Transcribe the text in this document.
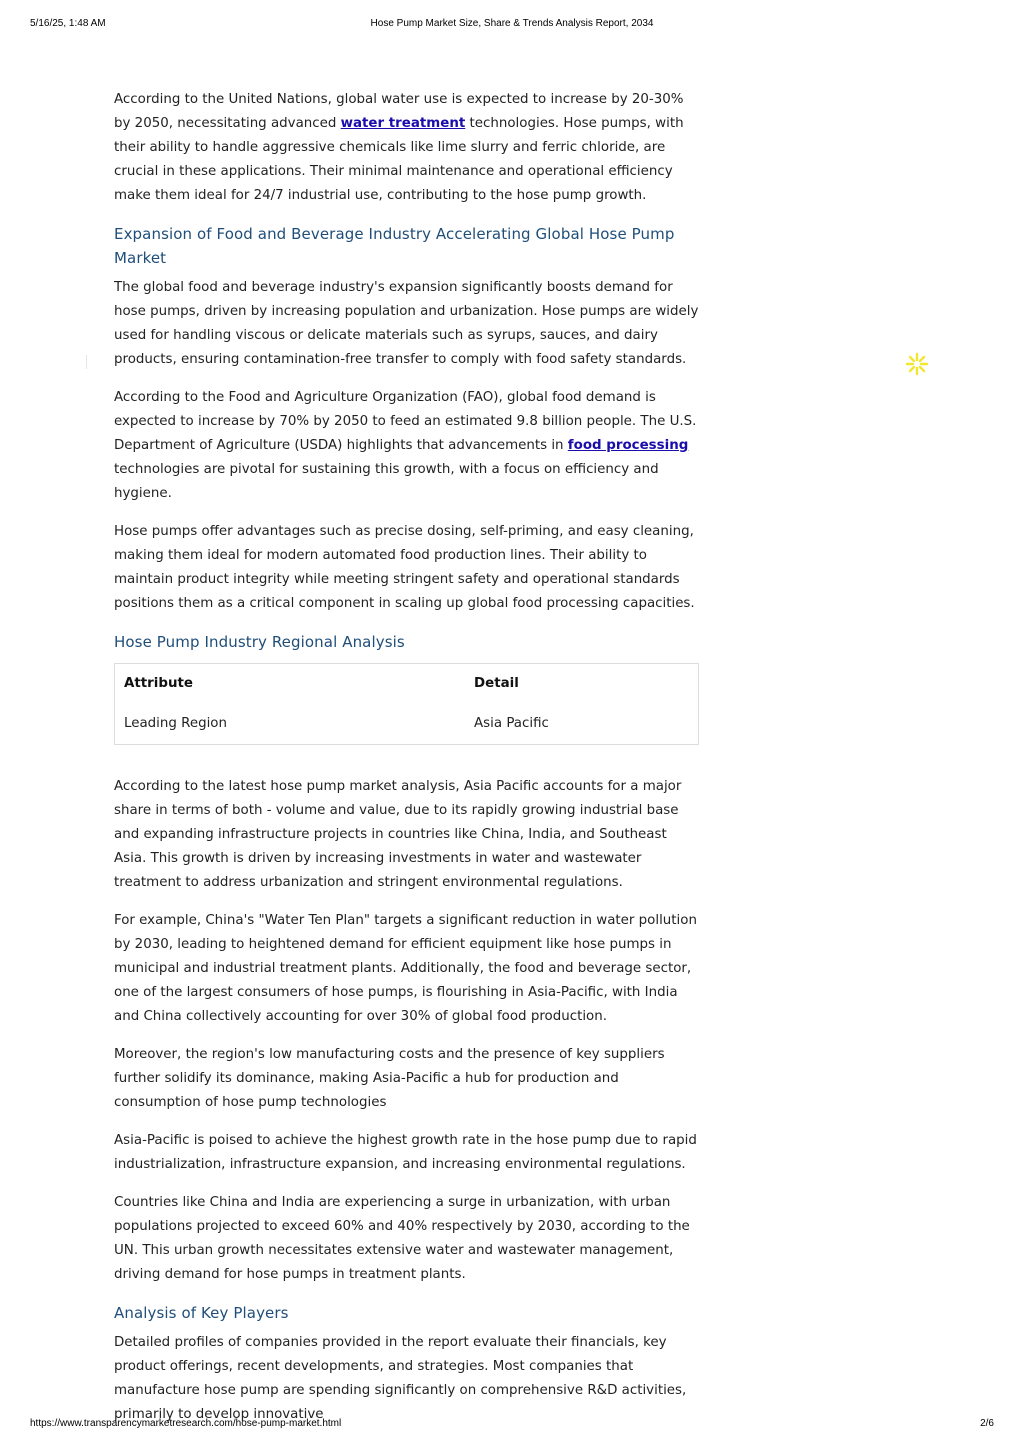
5/16/25, 1:48 AM	Hose Pump Market Size, Share & Trends Analysis Report, 2034

According to the United Nations, global water use is expected to increase by 20-30% by 2050, necessitating advanced water treatment technologies. Hose pumps, with their ability to handle aggressive chemicals like lime slurry and ferric chloride, are crucial in these applications. Their minimal maintenance and operational efficiency make them ideal for 24/7 industrial use, contributing to the hose pump growth.

Expansion of Food and Beverage Industry Accelerating Global Hose Pump Market

The global food and beverage industry's expansion significantly boosts demand for hose pumps, driven by increasing population and urbanization. Hose pumps are widely used for handling viscous or delicate materials such as syrups, sauces, and dairy products, ensuring contamination-free transfer to comply with food safety standards.

According to the Food and Agriculture Organization (FAO), global food demand is expected to increase by 70% by 2050 to feed an estimated 9.8 billion people. The U.S. Department of Agriculture (USDA) highlights that advancements in food processing technologies are pivotal for sustaining this growth, with a focus on efficiency and hygiene.

Hose pumps offer advantages such as precise dosing, self-priming, and easy cleaning, making them ideal for modern automated food production lines. Their ability to maintain product integrity while meeting stringent safety and operational standards positions them as a critical component in scaling up global food processing capacities.

Hose Pump Industry Regional Analysis
Attribute	Detail
Leading Region	Asia Pacific

According to the latest hose pump market analysis, Asia Pacific accounts for a major share in terms of both - volume and value, due to its rapidly growing industrial base and expanding infrastructure projects in countries like China, India, and Southeast Asia. This growth is driven by increasing investments in water and wastewater treatment to address urbanization and stringent environmental regulations.

For example, China's "Water Ten Plan" targets a significant reduction in water pollution by 2030, leading to heightened demand for efficient equipment like hose pumps in municipal and industrial treatment plants. Additionally, the food and beverage sector, one of the largest consumers of hose pumps, is flourishing in Asia-Pacific, with India and China collectively accounting for over 30% of global food production.

Moreover, the region's low manufacturing costs and the presence of key suppliers further solidify its dominance, making Asia-Pacific a hub for production and consumption of hose pump technologies

Asia-Pacific is poised to achieve the highest growth rate in the hose pump due to rapid industrialization, infrastructure expansion, and increasing environmental regulations.

Countries like China and India are experiencing a surge in urbanization, with urban populations projected to exceed 60% and 40% respectively by 2030, according to the UN. This urban growth necessitates extensive water and wastewater management, driving demand for hose pumps in treatment plants.

Analysis of Key Players

Detailed profiles of companies provided in the report evaluate their financials, key product offerings, recent developments, and strategies. Most companies that manufacture hose pump are spending significantly on comprehensive R&D activities, primarily to develop innovative

https://www.transparencymarketresearch.com/hose-pump-market.html	2/6
